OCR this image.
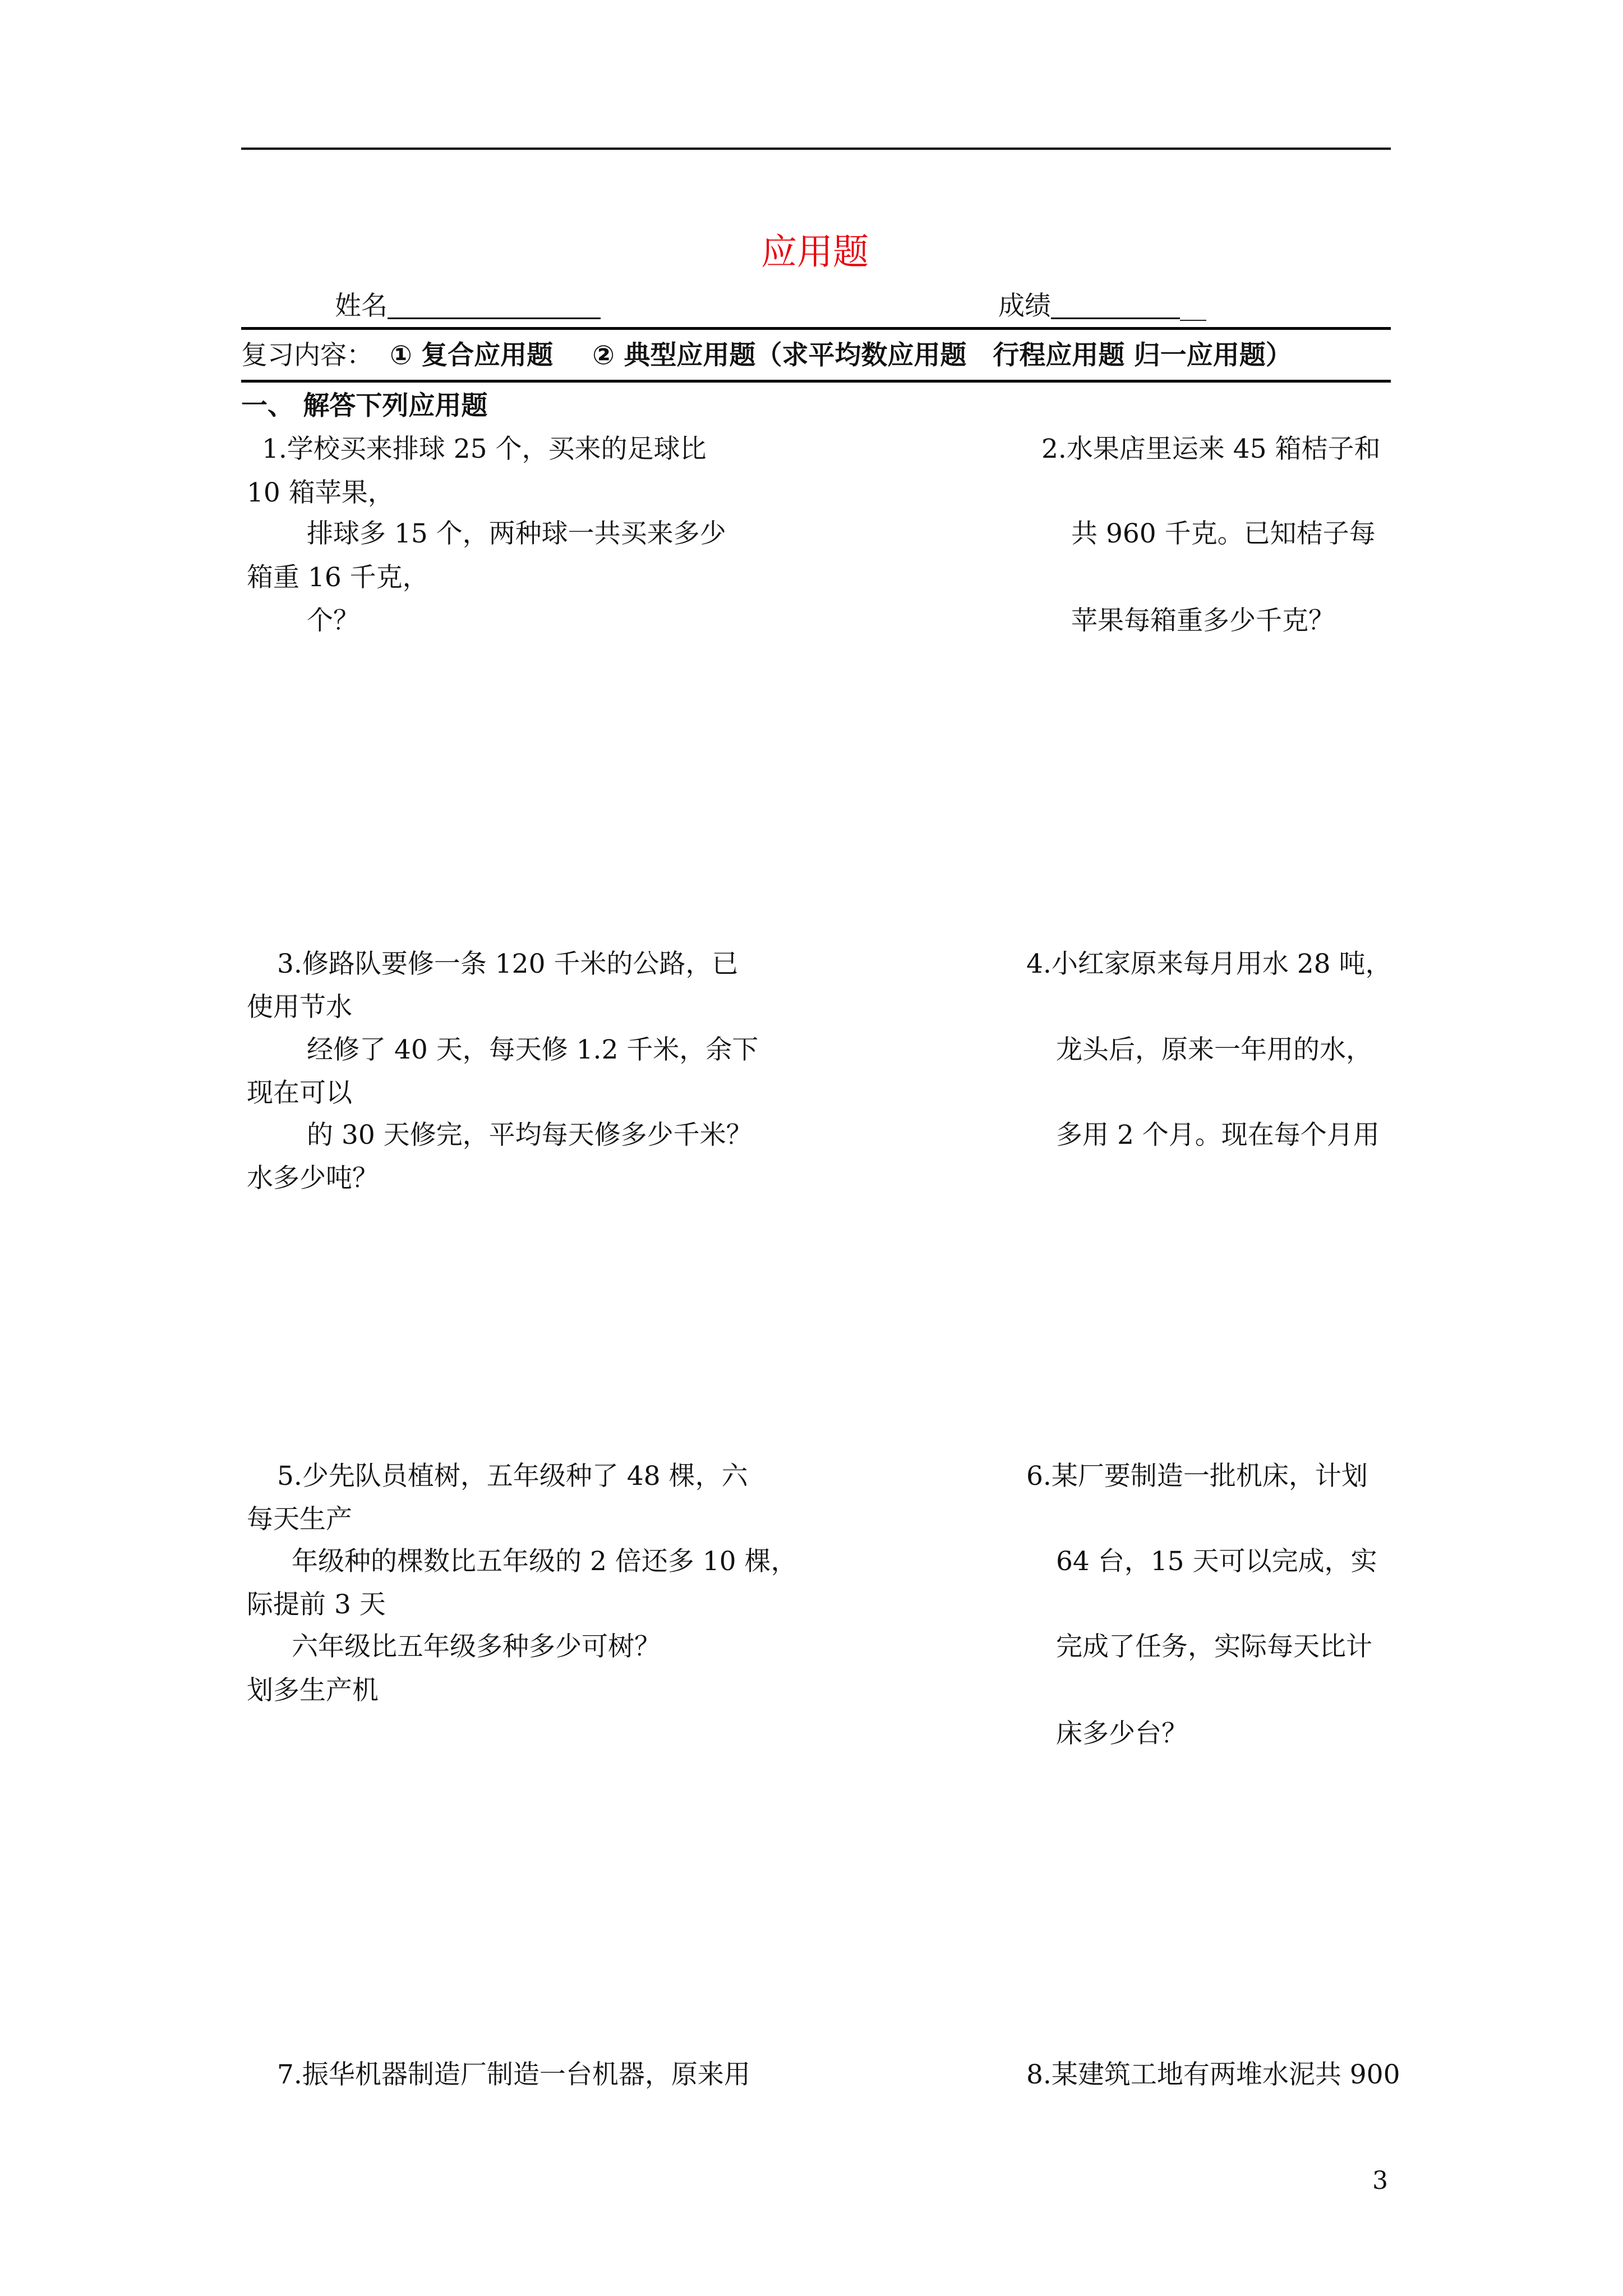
应用题
姓名	成绩	__
复习内容： ① 复合应用题 ② 典型应用题（求平均数应用题　行程应用题 归一应用题）
一、 解答下列应用题
1.学校买来排球 25 个，买来的足球比
10 箱苹果，
排球多 15 个，两种球一共买来多少
箱重 16 千克，
个？
2.水果店里运来 45 箱桔子和
共 960 千克。已知桔子每
苹果每箱重多少千克？
3.修路队要修一条 120 千米的公路，已
使用节水
经修了 40 天，每天修 1.2 千米，余下
现在可以
的 30 天修完，平均每天修多少千米？
水多少吨？
4.小红家原来每月用水 28 吨，
龙头后，原来一年用的水，
多用 2 个月。现在每个月用
5.少先队员植树，五年级种了 48 棵，六
每天生产
年级种的棵数比五年级的 2 倍还多 10 棵，
际提前 3 天
六年级比五年级多种多少可树？
划多生产机
6.某厂要制造一批机床，计划
64 台，15 天可以完成，实
完成了任务，实际每天比计
床多少台？
7.振华机器制造厂制造一台机器，原来用	8.某建筑工地有两堆水泥共 900
3
